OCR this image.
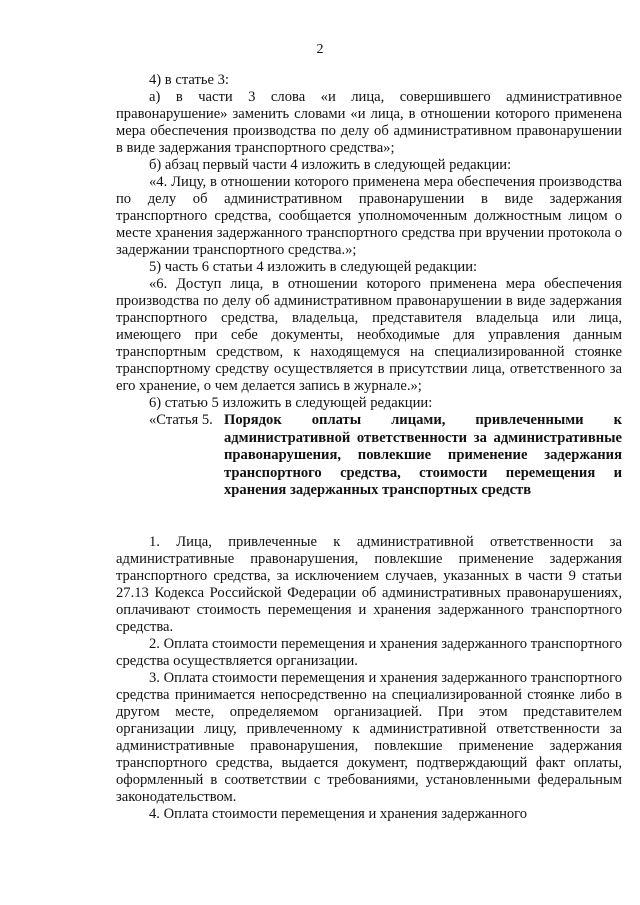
2

4) в статье 3:

а) в части 3 слова «и лица, совершившего административное правонарушение» заменить словами «и лица, в отношении которого применена мера обеспечения производства по делу об административном правонарушении в виде задержания транспортного средства»;

б) абзац первый части 4 изложить в следующей редакции:

«4. Лицу, в отношении которого применена мера обеспечения производства по делу об административном правонарушении в виде задержания транспортного средства, сообщается уполномоченным должностным лицом о месте хранения задержанного транспортного средства при вручении протокола о задержании транспортного средства.»;

5) часть 6 статьи 4 изложить в следующей редакции:

«6. Доступ лица, в отношении которого применена мера обеспечения производства по делу об административном правонарушении в виде задержания транспортного средства, владельца, представителя владельца или лица, имеющего при себе документы, необходимые для управления данным транспортным средством, к находящемуся на специализированной стоянке транспортному средству осуществляется в присутствии лица, ответственного за его хранение, о чем делается запись в журнале.»;

6) статью 5 изложить в следующей редакции:

«Статья 5. Порядок оплаты лицами, привлеченными к административной ответственности за административные правонарушения, повлекшие применение задержания транспортного средства, стоимости перемещения и хранения задержанных транспортных средств

1. Лица, привлеченные к административной ответственности за административные правонарушения, повлекшие применение задержания транспортного средства, за исключением случаев, указанных в части 9 статьи 27.13 Кодекса Российской Федерации об административных правонарушениях, оплачивают стоимость перемещения и хранения задержанного транспортного средства.

2. Оплата стоимости перемещения и хранения задержанного транспортного средства осуществляется организации.

3. Оплата стоимости перемещения и хранения задержанного транспортного средства принимается непосредственно на специализированной стоянке либо в другом месте, определяемом организацией. При этом представителем организации лицу, привлеченному к административной ответственности за административные правонарушения, повлекшие применение задержания транспортного средства, выдается документ, подтверждающий факт оплаты, оформленный в соответствии с требованиями, установленными федеральным законодательством.

4. Оплата стоимости перемещения и хранения задержанного
